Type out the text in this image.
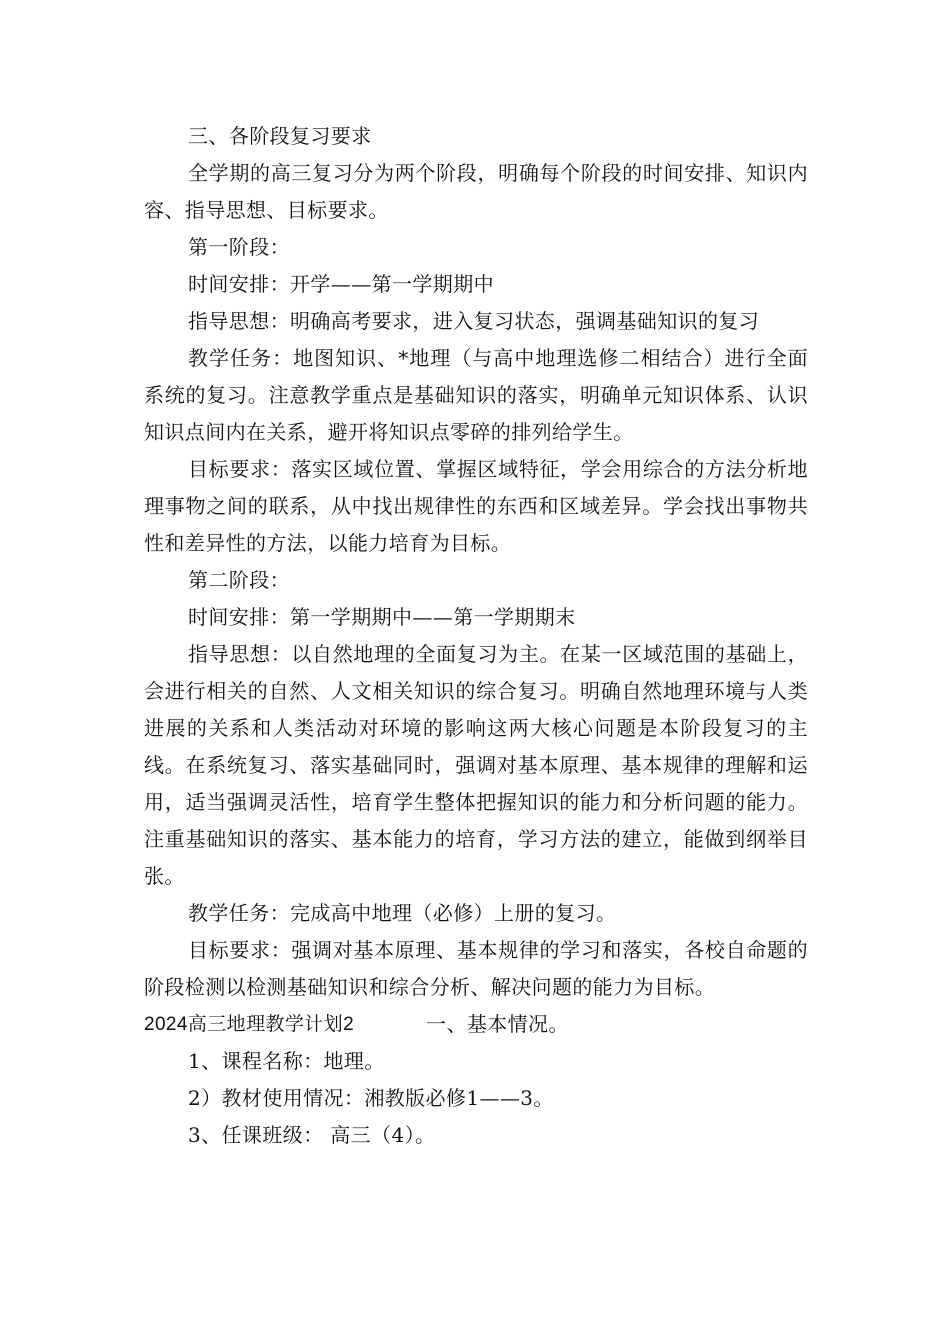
三、各阶段复习要求

全学期的高三复习分为两个阶段，明确每个阶段的时间安排、知识内容、指导思想、目标要求。

第一阶段：

时间安排：开学——第一学期期中

指导思想：明确高考要求，进入复习状态，强调基础知识的复习

教学任务：地图知识、*地理（与高中地理选修二相结合）进行全面系统的复习。注意教学重点是基础知识的落实，明确单元知识体系、认识知识点间内在关系，避开将知识点零碎的排列给学生。

目标要求：落实区域位置、掌握区域特征，学会用综合的方法分析地理事物之间的联系，从中找出规律性的东西和区域差异。学会找出事物共性和差异性的方法，以能力培育为目标。

第二阶段：

时间安排：第一学期期中——第一学期期末

指导思想：以自然地理的全面复习为主。在某一区域范围的基础上，会进行相关的自然、人文相关知识的综合复习。明确自然地理环境与人类进展的关系和人类活动对环境的影响这两大核心问题是本阶段复习的主线。在系统复习、落实基础同时，强调对基本原理、基本规律的理解和运用，适当强调灵活性，培育学生整体把握知识的能力和分析问题的能力。注重基础知识的落实、基本能力的培育，学习方法的建立，能做到纲举目张。

教学任务：完成高中地理（必修）上册的复习。

目标要求：强调对基本原理、基本规律的学习和落实，各校自命题的阶段检测以检测基础知识和综合分析、解决问题的能力为目标。

2024高三地理教学计划2	一、基本情况。

1、课程名称：地理。

2）教材使用情况：湘教版必修1——3。

3、任课班级： 高三（4）。
